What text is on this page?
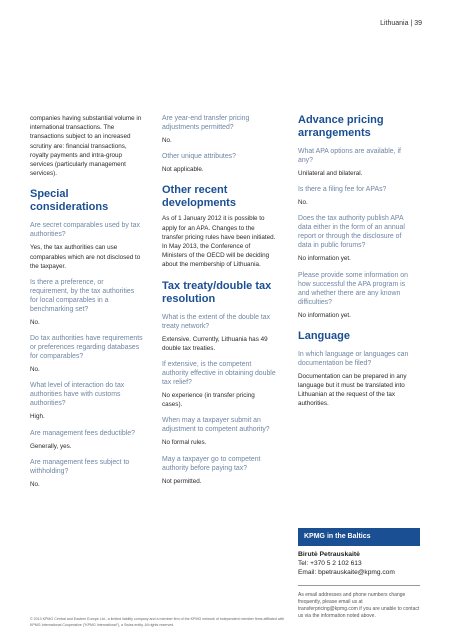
Lithuania | 39

companies having substantial volume in international transactions. The transactions subject to an increased scrutiny are: financial transactions, royalty payments and intra-group services (particularly management services).

Special considerations
Are secret comparables used by tax authorities?

Yes, the tax authorities can use comparables which are not disclosed to the taxpayer.

Is there a preference, or requirement, by the tax authorities for local comparables in a benchmarking set?

No.

Do tax authorities have requirements or preferences regarding databases for comparables?

No.

What level of interaction do tax authorities have with customs authorities?

High.

Are management fees deductible?

Generally, yes.

Are management fees subject to withholding?

No.

Are year-end transfer pricing adjustments permitted?

No.

Other unique attributes?

Not applicable.

Other recent developments

As of 1 January 2012 it is possible to apply for an APA. Changes to the transfer pricing rules have been initiated. In May 2013, the Conference of Ministers of the OECD will be deciding about the membership of Lithuania.

Tax treaty/double tax resolution
What is the extent of the double tax treaty network?

Extensive. Currently, Lithuania has 49 double tax treaties.

If extensive, is the competent authority effective in obtaining double tax relief?

No experience (in transfer pricing cases).

When may a taxpayer submit an adjustment to competent authority?

No formal rules.

May a taxpayer go to competent authority before paying tax?

Not permitted.

Advance pricing arrangements
What APA options are available, if any?

Unilateral and bilateral.

Is there a filing fee for APAs?

No.

Does the tax authority publish APA data either in the form of an annual report or through the disclosure of data in public forums?

No information yet.

Please provide some information on how successful the APA program is and whether there are any known difficulties?

No information yet.

Language
In which language or languages can documentation be filed?

Documentation can be prepared in any language but it must be translated into Lithuanian at the request of the tax authorities.

KPMG in the Baltics
Birutė Petrauskaitė
Tel: +370 5 2 102 613
Email: bpetrauskaite@kpmg.com
As email addresses and phone numbers change frequently, please email us at transferpricing@kpmg.com if you are unable to contact us via the information noted above.
© 2013 KPMG Central and Eastern Europe Ltd., a limited liability company and a member firm of the KPMG network of independent member firms affiliated with KPMG International Cooperative ("KPMG International"), a Swiss entity. All rights reserved.
